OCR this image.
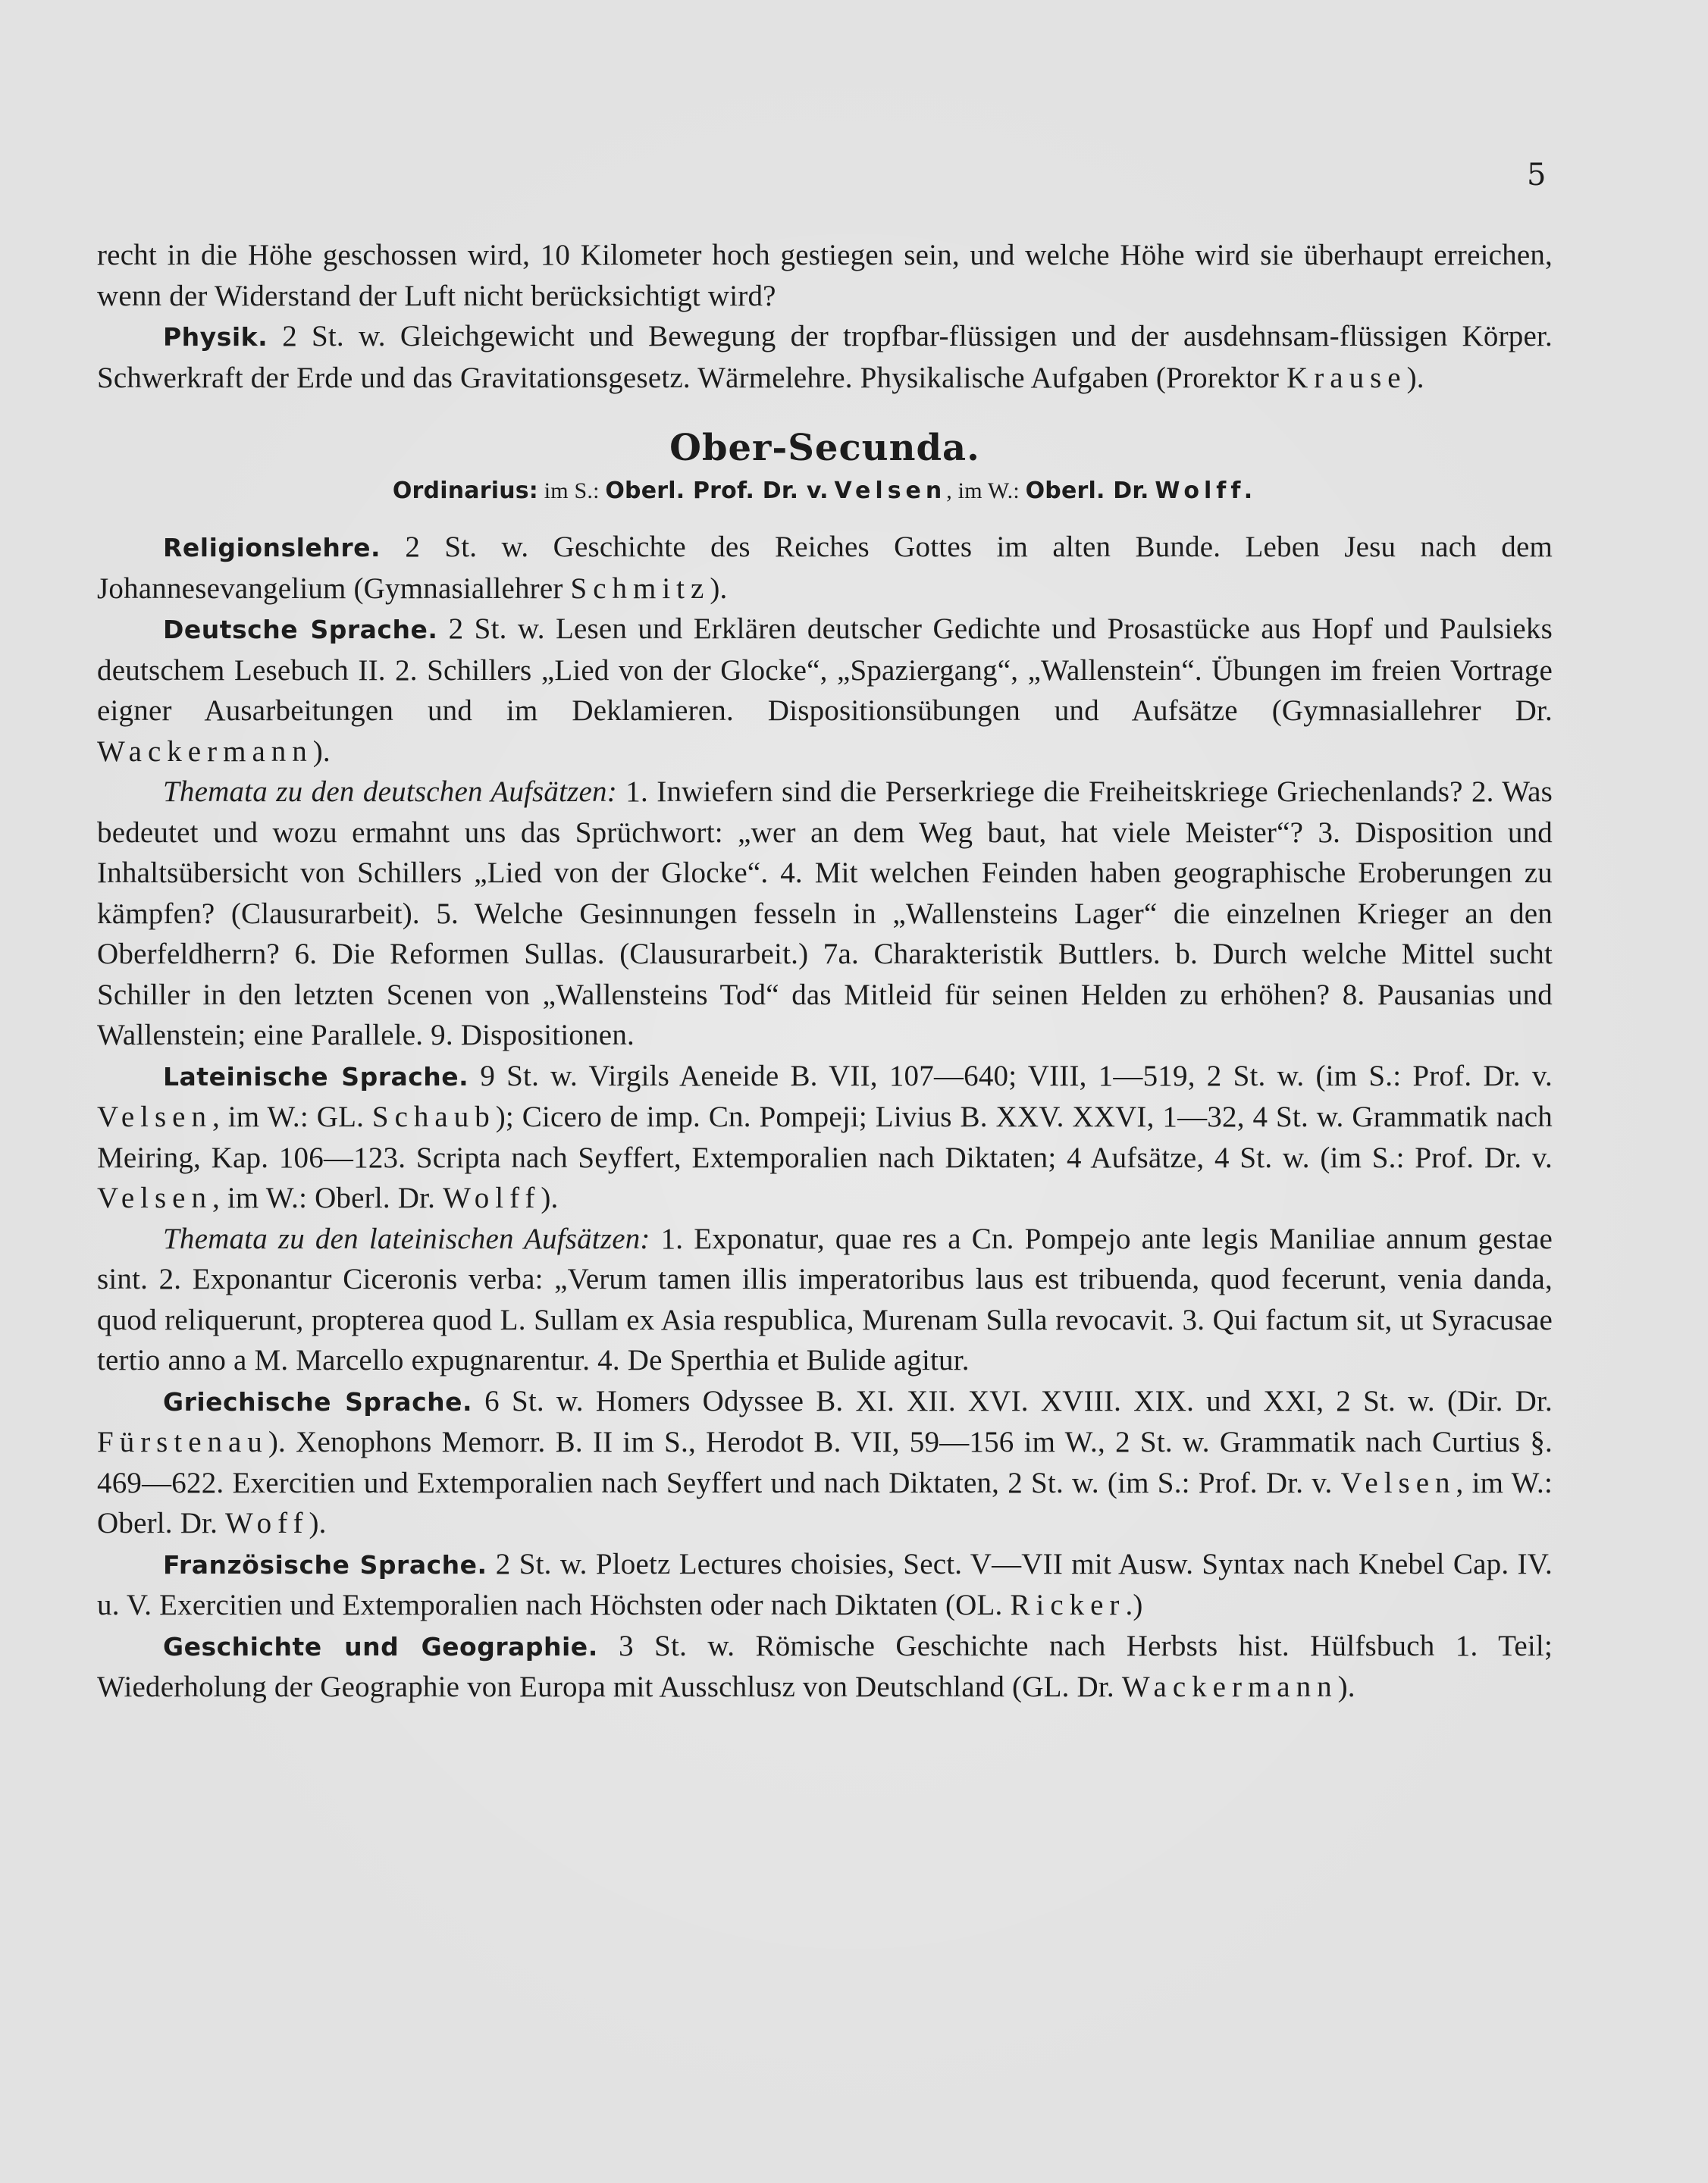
5

recht in die Höhe geschossen wird, 10 Kilometer hoch gestiegen sein, und welche Höhe wird sie überhaupt erreichen, wenn der Widerstand der Luft nicht berücksichtigt wird?

Physik. 2 St. w. Gleichgewicht und Bewegung der tropfbar-flüssigen und der ausdehnsam-flüssigen Körper. Schwerkraft der Erde und das Gravitationsgesetz. Wärmelehre. Physikalische Aufgaben (Prorektor Krause).

Ober-Secunda.

Ordinarius: im S.: Oberl. Prof. Dr. v. Velsen, im W.: Oberl. Dr. Wolff.

Religionslehre. 2 St. w. Geschichte des Reiches Gottes im alten Bunde. Leben Jesu nach dem Johannesevangelium (Gymnasiallehrer Schmitz).

Deutsche Sprache. 2 St. w. Lesen und Erklären deutscher Gedichte und Prosastücke aus Hopf und Paulsieks deutschem Lesebuch II. 2. Schillers „Lied von der Glocke“, „Spaziergang“, „Wallenstein“. Übungen im freien Vortrage eigner Ausarbeitungen und im Deklamieren. Dispositionsübungen und Aufsätze (Gymnasiallehrer Dr. Wackermann).

Themata zu den deutschen Aufsätzen: 1. Inwiefern sind die Perserkriege die Freiheitskriege Griechenlands? 2. Was bedeutet und wozu ermahnt uns das Sprüchwort: „wer an dem Weg baut, hat viele Meister“? 3. Disposition und Inhaltsübersicht von Schillers „Lied von der Glocke“. 4. Mit welchen Feinden haben geographische Eroberungen zu kämpfen? (Clausurarbeit). 5. Welche Gesinnungen fesseln in „Wallensteins Lager“ die einzelnen Krieger an den Oberfeldherrn? 6. Die Reformen Sullas. (Clausurarbeit.) 7a. Charakteristik Buttlers. b. Durch welche Mittel sucht Schiller in den letzten Scenen von „Wallensteins Tod“ das Mitleid für seinen Helden zu erhöhen? 8. Pausanias und Wallenstein; eine Parallele. 9. Dispositionen.

Lateinische Sprache. 9 St. w. Virgils Aeneide B. VII, 107—640; VIII, 1—519, 2 St. w. (im S.: Prof. Dr. v. Velsen, im W.: GL. Schaub); Cicero de imp. Cn. Pompeji; Livius B. XXV. XXVI, 1—32, 4 St. w. Grammatik nach Meiring, Kap. 106—123. Scripta nach Seyffert, Extemporalien nach Diktaten; 4 Aufsätze, 4 St. w. (im S.: Prof. Dr. v. Velsen, im W.: Oberl. Dr. Wolff).

Themata zu den lateinischen Aufsätzen: 1. Exponatur, quae res a Cn. Pompejo ante legis Maniliae annum gestae sint. 2. Exponantur Ciceronis verba: „Verum tamen illis imperatoribus laus est tribuenda, quod fecerunt, venia danda, quod reliquerunt, propterea quod L. Sullam ex Asia respublica, Murenam Sulla revocavit. 3. Qui factum sit, ut Syracusae tertio anno a M. Marcello expugnarentur. 4. De Sperthia et Bulide agitur.

Griechische Sprache. 6 St. w. Homers Odyssee B. XI. XII. XVI. XVIII. XIX. und XXI, 2 St. w. (Dir. Dr. Fürstenau). Xenophons Memorr. B. II im S., Herodot B. VII, 59—156 im W., 2 St. w. Grammatik nach Curtius §. 469—622. Exercitien und Extemporalien nach Seyffert und nach Diktaten, 2 St. w. (im S.: Prof. Dr. v. Velsen, im W.: Oberl. Dr. Woff).

Französische Sprache. 2 St. w. Ploetz Lectures choisies, Sect. V—VII mit Ausw. Syntax nach Knebel Cap. IV. u. V. Exercitien und Extemporalien nach Höchsten oder nach Diktaten (OL. Ricker.)

Geschichte und Geographie. 3 St. w. Römische Geschichte nach Herbsts hist. Hülfsbuch 1. Teil; Wiederholung der Geographie von Europa mit Ausschlusz von Deutschland (GL. Dr. Wackermann).
